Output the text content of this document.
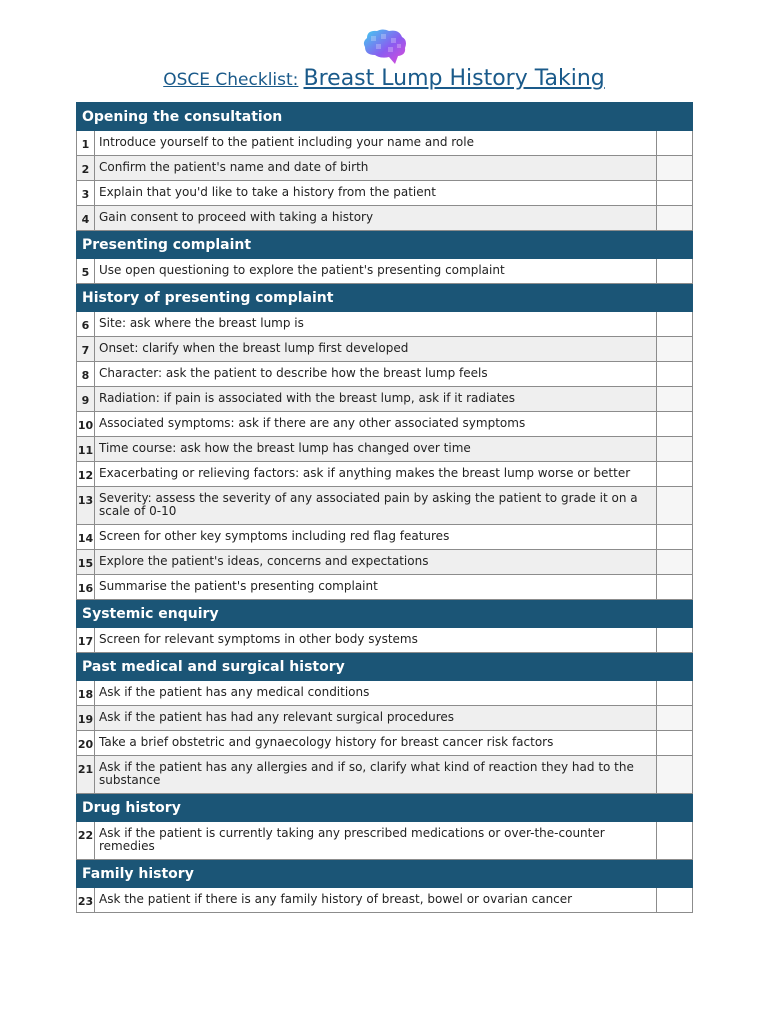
OSCE Checklist: Breast Lump History Taking
Opening the consultation		
1	Introduce yourself to the patient including your name and role	
2	Confirm the patient's name and date of birth	
3	Explain that you'd like to take a history from the patient	
4	Gain consent to proceed with taking a history	
Presenting complaint		
5	Use open questioning to explore the patient's presenting complaint	
History of presenting complaint		
6	Site: ask where the breast lump is	
7	Onset: clarify when the breast lump first developed	
8	Character: ask the patient to describe how the breast lump feels	
9	Radiation: if pain is associated with the breast lump, ask if it radiates	
10	Associated symptoms: ask if there are any other associated symptoms	
11	Time course: ask how the breast lump has changed over time	
12	Exacerbating or relieving factors: ask if anything makes the breast lump worse or better	
13	Severity: assess the severity of any associated pain by asking the patient to grade it on a scale of 0-10	
14	Screen for other key symptoms including red flag features	
15	Explore the patient's ideas, concerns and expectations	
16	Summarise the patient's presenting complaint	
Systemic enquiry		
17	Screen for relevant symptoms in other body systems	
Past medical and surgical history		
18	Ask if the patient has any medical conditions	
19	Ask if the patient has had any relevant surgical procedures	
20	Take a brief obstetric and gynaecology history for breast cancer risk factors	
21	Ask if the patient has any allergies and if so, clarify what kind of reaction they had to the substance	
Drug history		
22	Ask if the patient is currently taking any prescribed medications or over-the-counter remedies	
Family history		
23	Ask the patient if there is any family history of breast, bowel or ovarian cancer	
